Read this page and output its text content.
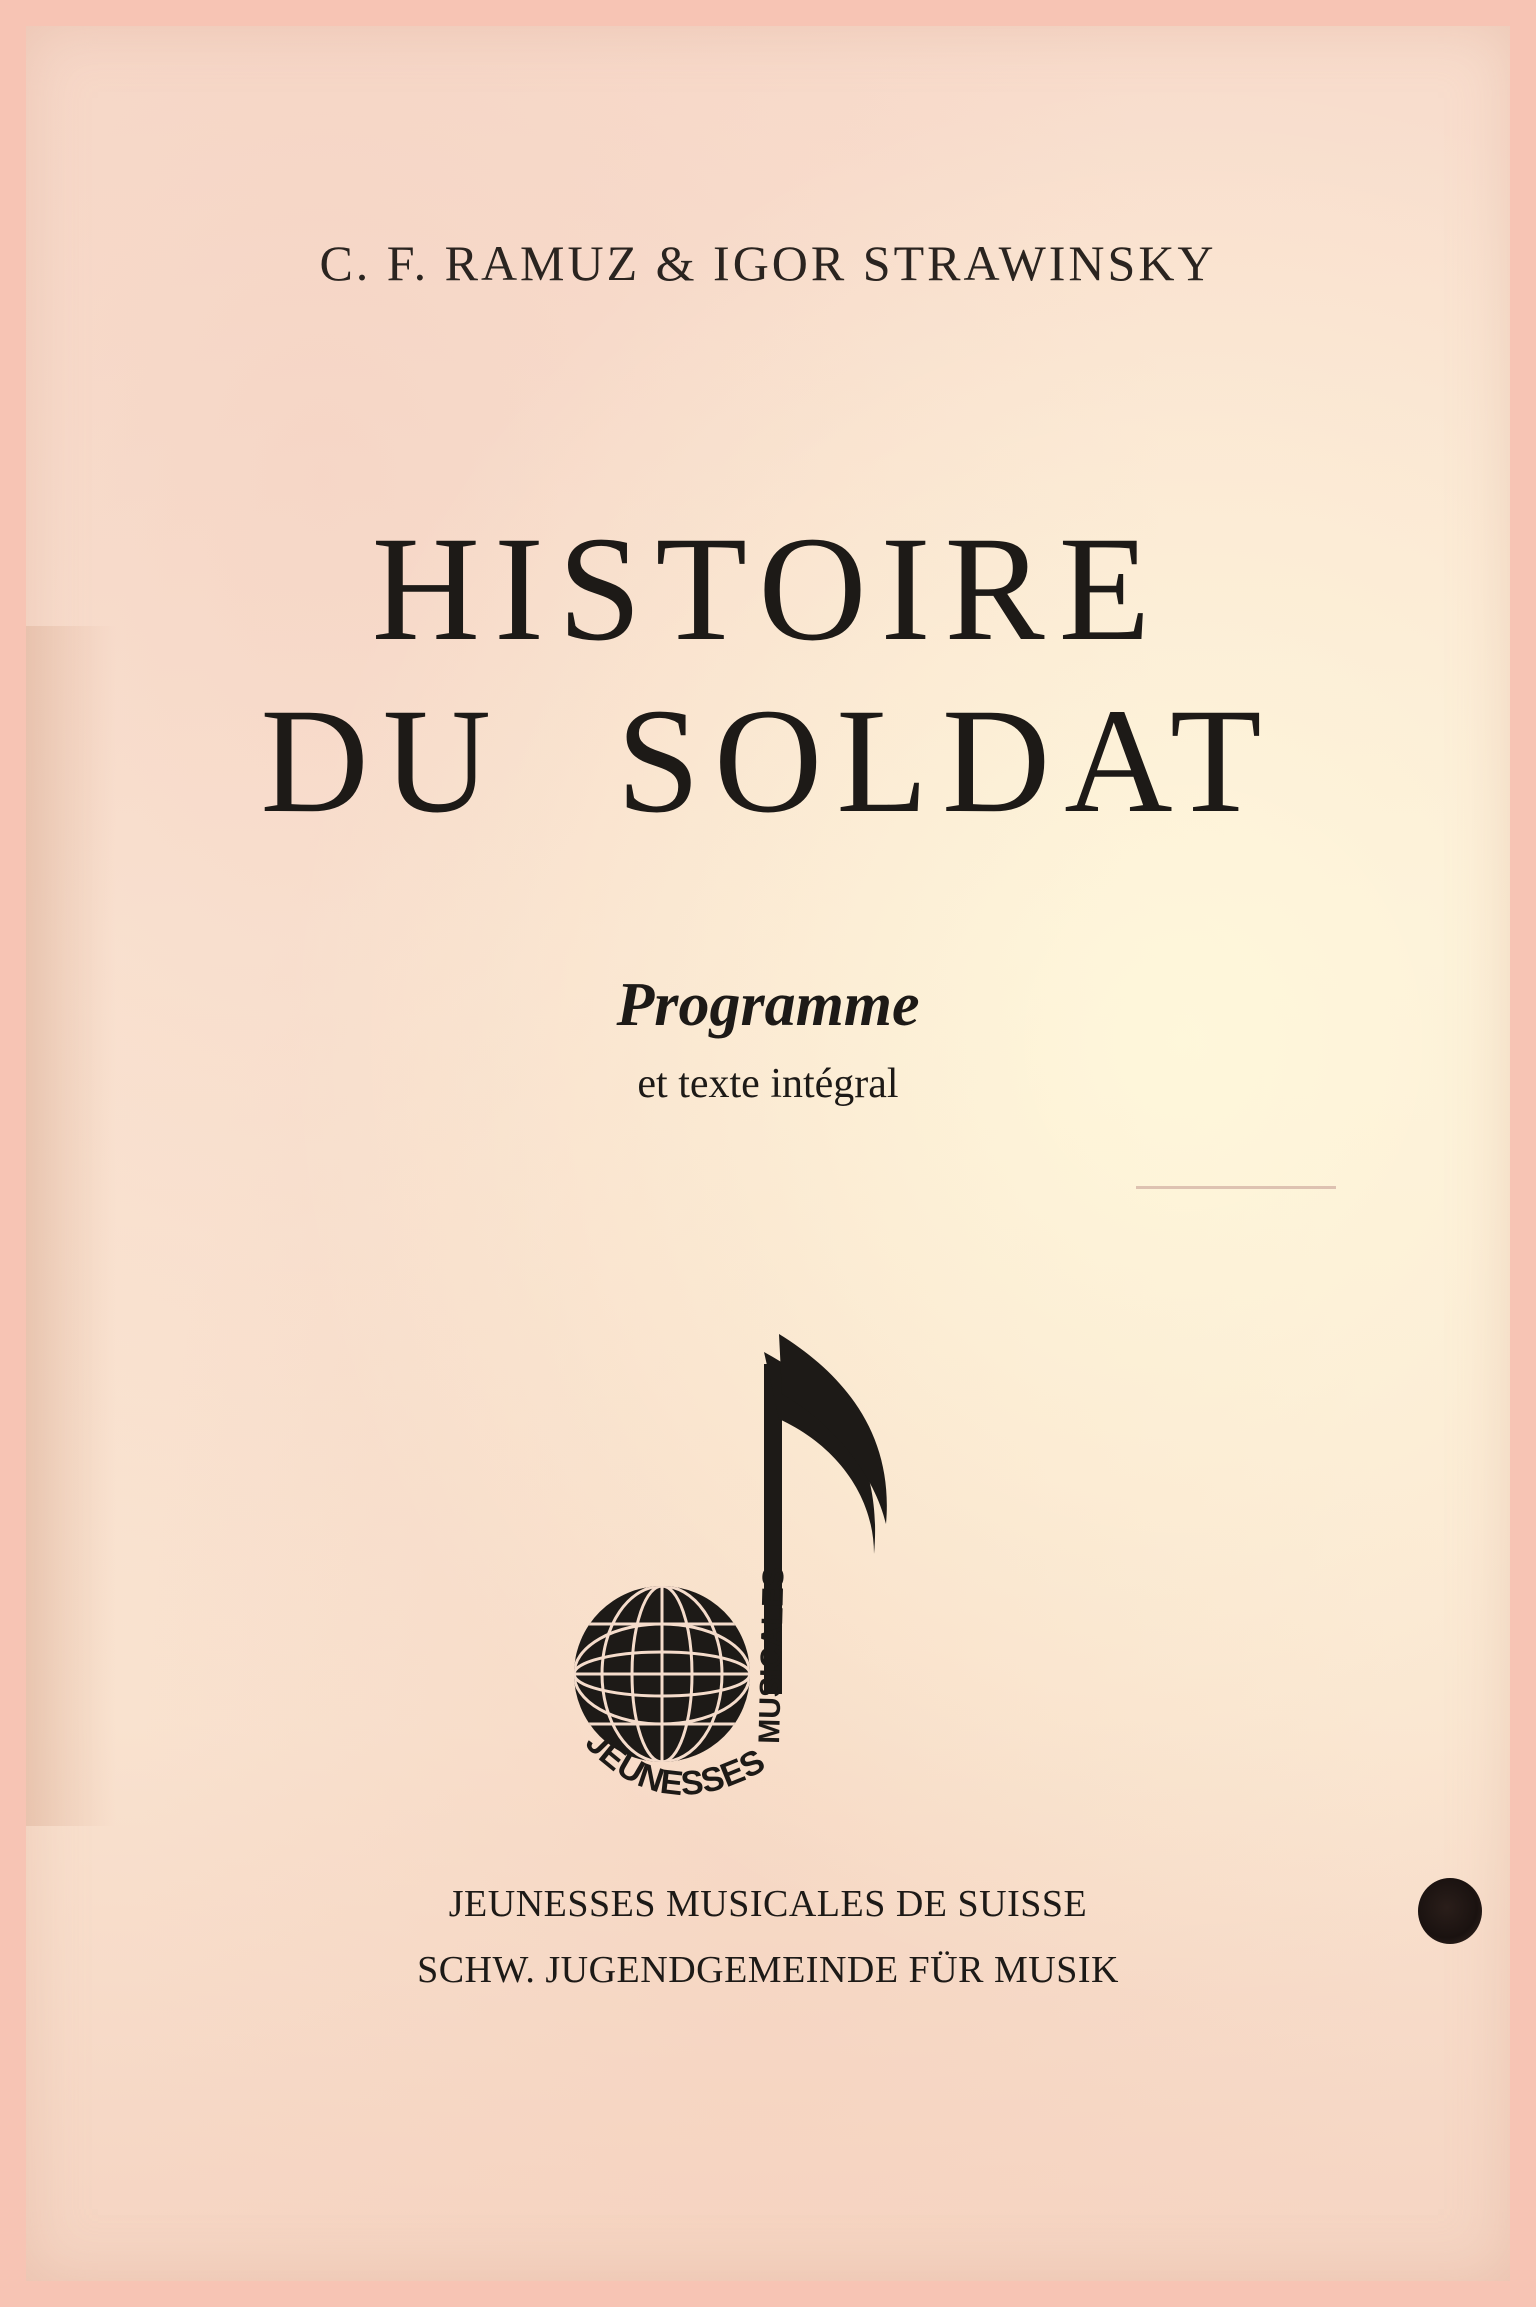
C. F. RAMUZ & IGOR STRAWINSKY
HISTOIRE
DU SOLDAT
Programme
et texte intégral
JEUNESSES
MUSICALES
JEUNESSES MUSICALES DE SUISSE
SCHW. JUGENDGEMEINDE FÜR MUSIK
